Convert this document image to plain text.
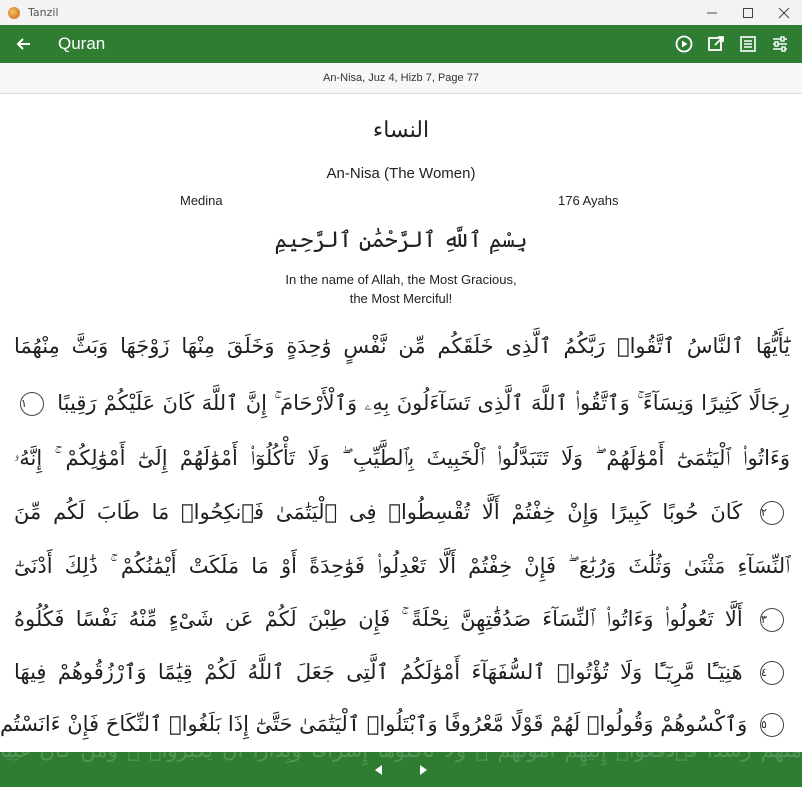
Tanzil
Quran
An-Nisa, Juz 4, Hizb 7, Page 77
النساء
An-Nisa (The Women)
Medina	176 Ayahs
بِسْمِ ٱللَّهِ ٱلرَّحْمَٰنِ ٱلرَّحِيمِ
In the name of Allah, the Most Gracious,
the Most Merciful!
يَٰٓأَيُّهَا ٱلنَّاسُ ٱتَّقُوا۟ رَبَّكُمُ ٱلَّذِى خَلَقَكُم مِّن نَّفْسٍ وَٰحِدَةٍ وَخَلَقَ مِنْهَا زَوْجَهَا وَبَثَّ مِنْهُمَا
رِجَالًا كَثِيرًا وَنِسَآءً ۚ وَٱتَّقُوا۟ ٱللَّهَ ٱلَّذِى تَسَآءَلُونَ بِهِۦ وَٱلْأَرْحَامَ ۚ إِنَّ ٱللَّهَ كَانَ عَلَيْكُمْ رَقِيبًا ١
وَءَاتُوا۟ ٱلْيَتَٰمَىٰٓ أَمْوَٰلَهُمْ ۖ وَلَا تَتَبَدَّلُوا۟ ٱلْخَبِيثَ بِٱلطَّيِّبِ ۖ وَلَا تَأْكُلُوٓا۟ أَمْوَٰلَهُمْ إِلَىٰٓ أَمْوَٰلِكُمْ ۚ إِنَّهُۥ
٢ كَانَ حُوبًا كَبِيرًا وَإِنْ خِفْتُمْ أَلَّا تُقْسِطُوا۟ فِى ٱلْيَتَٰمَىٰ فَٱنكِحُوا۟ مَا طَابَ لَكُم مِّنَ
ٱلنِّسَآءِ مَثْنَىٰ وَثُلَٰثَ وَرُبَٰعَ ۖ فَإِنْ خِفْتُمْ أَلَّا تَعْدِلُوا۟ فَوَٰحِدَةً أَوْ مَا مَلَكَتْ أَيْمَٰنُكُمْ ۚ ذَٰلِكَ أَدْنَىٰٓ
٣ أَلَّا تَعُولُوا۟ وَءَاتُوا۟ ٱلنِّسَآءَ صَدُقَٰتِهِنَّ نِحْلَةً ۚ فَإِن طِبْنَ لَكُمْ عَن شَىْءٍ مِّنْهُ نَفْسًا فَكُلُوهُ
٤ هَنِيٓـًٔا مَّرِيٓـًٔا وَلَا تُؤْتُوا۟ ٱلسُّفَهَآءَ أَمْوَٰلَكُمُ ٱلَّتِى جَعَلَ ٱللَّهُ لَكُمْ قِيَٰمًا وَٱرْزُقُوهُمْ فِيهَا
٥ وَٱكْسُوهُمْ وَقُولُوا۟ لَهُمْ قَوْلًا مَّعْرُوفًا وَٱبْتَلُوا۟ ٱلْيَتَٰمَىٰ حَتَّىٰٓ إِذَا بَلَغُوا۟ ٱلنِّكَاحَ فَإِنْ ءَانَسْتُم
مِّنْهُمْ رُشْدًا فَٱدْفَعُوٓا۟ إِلَيْهِمْ أَمْوَٰلَهُمْ ۖ وَلَا تَأْكُلُوهَآ إِسْرَافًا وَبِدَارًا أَن يَكْبَرُوا۟ ۚ وَمَن كَانَ غَنِيًّا
